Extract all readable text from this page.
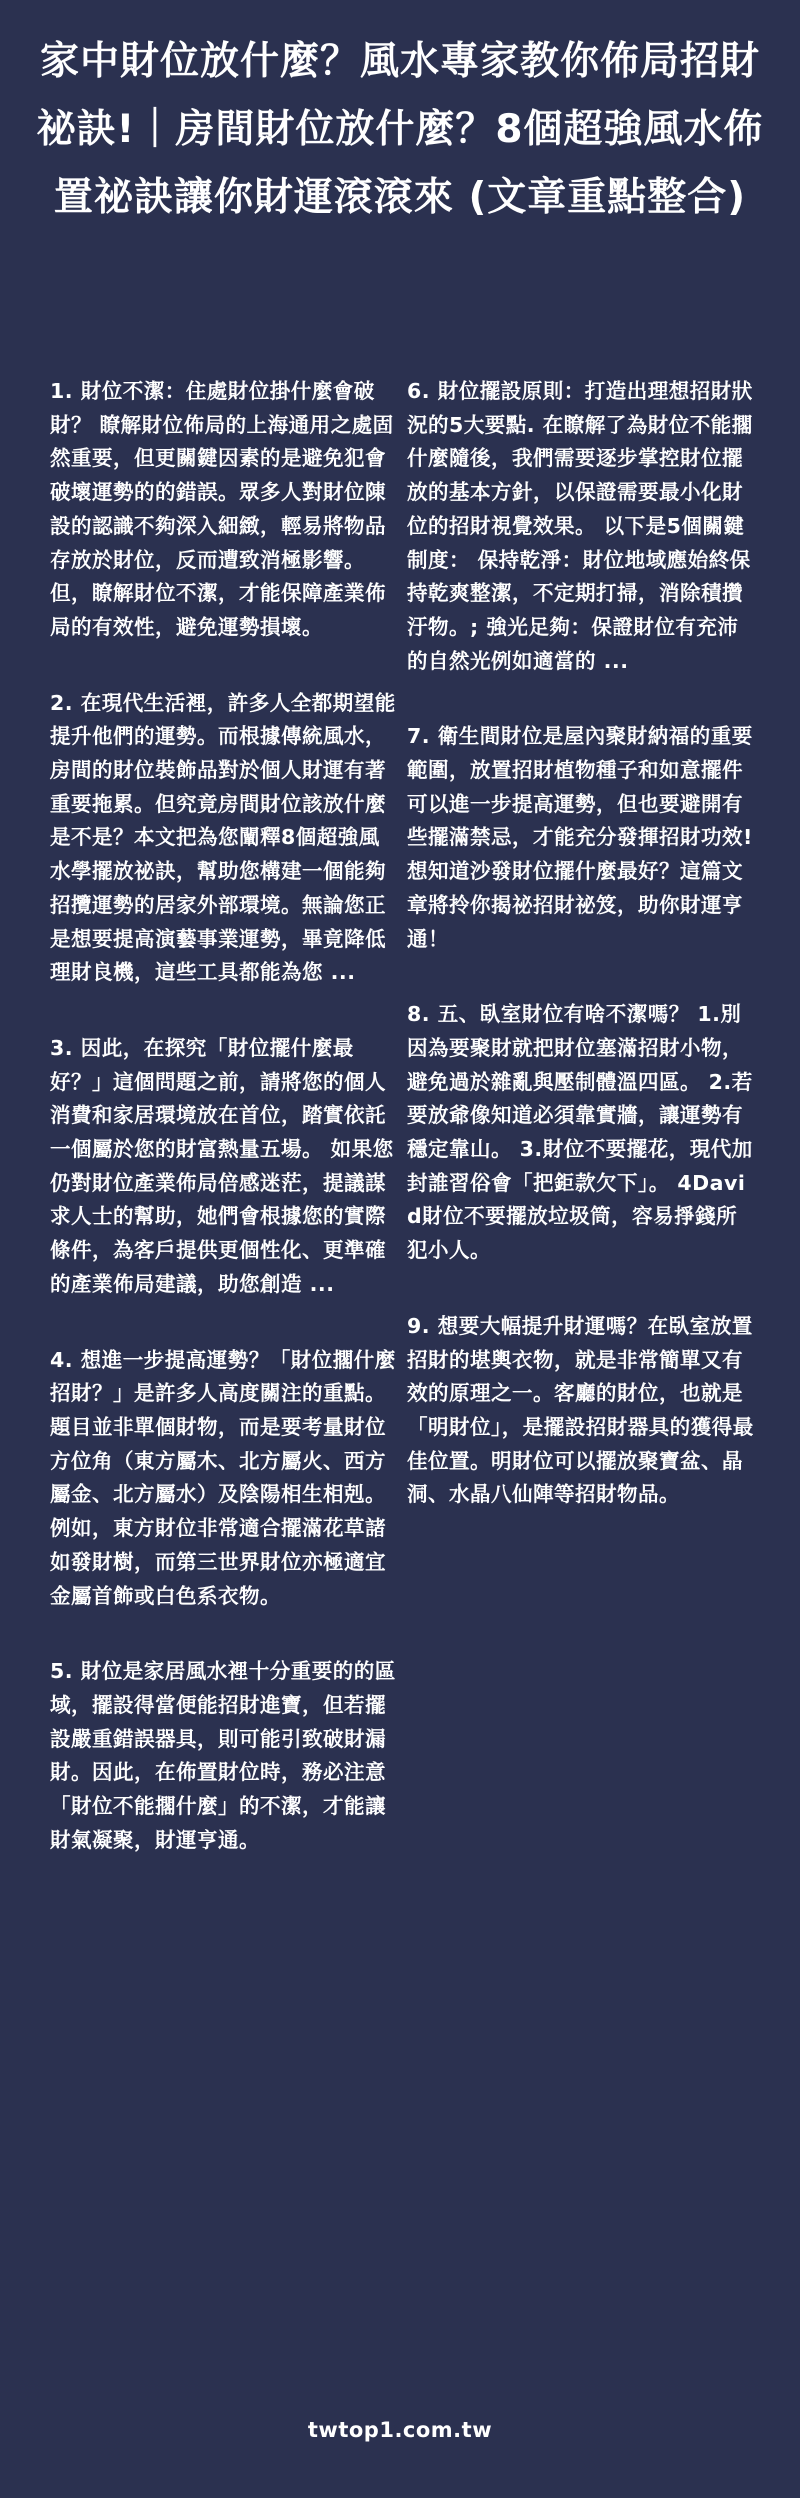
家中財位放什麼？風水專家教你佈局招財祕訣!｜房間財位放什麼？8個超強風水佈置祕訣讓你財運滾滾來 (文章重點整合)

1. 財位不潔：住處財位掛什麼會破財？ 瞭解財位佈局的上海通用之處固然重要，但更關鍵因素的是避免犯會破壞運勢的的錯誤。眾多人對財位陳設的認識不夠深入細緻，輕易將物品存放於財位，反而遭致消極影響。但，瞭解財位不潔，才能保障產業佈局的有效性，避免運勢損壞。

2. 在現代生活裡，許多人全都期望能提升他們的運勢。而根據傳統風水，房間的財位裝飾品對於個人財運有著重要拖累。但究竟房間財位該放什麼是不是？本文把為您闡釋8個超強風水學擺放祕訣，幫助您構建一個能夠招攬運勢的居家外部環境。無論您正是想要提高演藝事業運勢，畢竟降低理財良機，這些工具都能為您 ...

3. 因此，在探究「財位擺什麼最好？」這個問題之前，請將您的個人消費和家居環境放在首位，踏實依託一個屬於您的財富熱量五場。 如果您仍對財位產業佈局倍感迷茫，提議謀求人士的幫助，她們會根據您的實際條件，為客戶提供更個性化、更準確的產業佈局建議，助您創造 ...

4. 想進一步提高運勢？「財位擱什麼招財？」是許多人高度關注的重點。 題目並非單個財物，而是要考量財位方位角（東方屬木、北方屬火、西方屬金、北方屬水）及陰陽相生相剋。例如，東方財位非常適合擺滿花草諸如發財樹，而第三世界財位亦極適宜金屬首飾或白色系衣物。

5. 財位是家居風水裡十分重要的的區域，擺設得當便能招財進寶，但若擺設嚴重錯誤器具，則可能引致破財漏財。因此，在佈置財位時，務必注意「財位不能擱什麼」的不潔，才能讓財氣凝聚，財運亨通。

6. 財位擺設原則：打造出理想招財狀況的5大要點. 在瞭解了為財位不能擱什麼隨後，我們需要逐步掌控財位擺放的基本方針，以保證需要最小化財位的招財視覺效果。 以下是5個關鍵制度： 保持乾淨：財位地域應始終保持乾爽整潔，不定期打掃，消除積攢汙物。; 強光足夠：保證財位有充沛的自然光例如適當的 ...

7. 衛生間財位是屋內聚財納福的重要範圍，放置招財植物種子和如意擺件可以進一步提高運勢，但也要避開有些擺滿禁忌，才能充分發揮招財功效!想知道沙發財位擺什麼最好？這篇文章將拎你揭祕招財祕笈，助你財運亨通！

8. 五、臥室財位有啥不潔嗎？ 1.別因為要聚財就把財位塞滿招財小物，避免過於雜亂與壓制體溫四區。 2.若要放爺像知道必須靠實牆，讓運勢有穩定靠山。 3.財位不要擺花，現代加封誰習俗會「把鉅款欠下」。 4David財位不要擺放垃圾筒，容易掙錢所犯小人。

9. 想要大幅提升財運嗎？在臥室放置招財的堪輿衣物，就是非常簡單又有效的原理之一。客廳的財位，也就是「明財位」，是擺設招財器具的獲得最佳位置。明財位可以擺放聚寶盆、晶洞、水晶八仙陣等招財物品。

twtop1.com.tw
